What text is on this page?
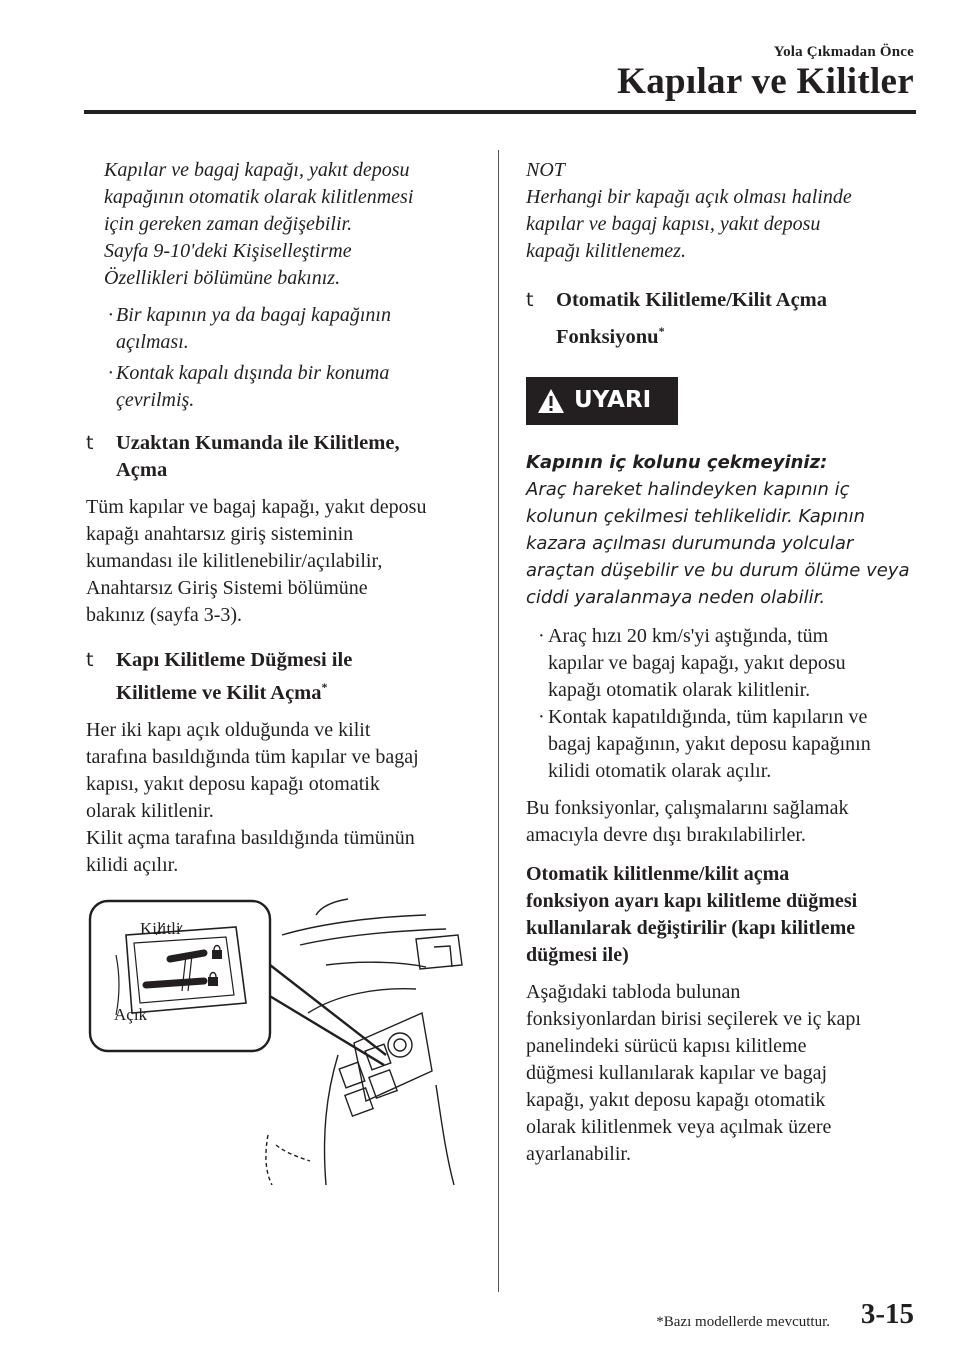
Yola Çıkmadan Önce
Kapılar ve Kilitler

Kapılar ve bagaj kapağı, yakıt deposu

kapağının otomatik olarak kilitlenmesi

için gereken zaman değişebilir.

Sayfa 9-10'deki Kişiselleştirme

Özellikleri bölümüne bakınız.

· Bir kapının ya da bagaj kapağının

açılması.

· Kontak kapalı dışında bir konuma

çevrilmiş.

t Uzaktan Kumanda ile Kilitleme,

Açma

Tüm kapılar ve bagaj kapağı, yakıt deposu

kapağı anahtarsız giriş sisteminin

kumandası ile kilitlenebilir/açılabilir,

Anahtarsız Giriş Sistemi bölümüne

bakınız (sayfa 3-3).

t Kapı Kilitleme Düğmesi ile

Kilitleme ve Kilit Açma*

Her iki kapı açık olduğunda ve kilit

tarafına basıldığında tüm kapılar ve bagaj

kapısı, yakıt deposu kapağı otomatik

olarak kilitlenir.

Kilit açma tarafına basıldığında tümünün

kilidi açılır.

Kilitli
Açık

NOT

Herhangi bir kapağı açık olması halinde

kapılar ve bagaj kapısı, yakıt deposu

kapağı kilitlenemez.

t Otomatik Kilitleme/Kilit Açma

Fonksiyonu*

UYARI

Kapının iç kolunu çekmeyiniz:

Araç hareket halindeyken kapının iç

kolunun çekilmesi tehlikelidir. Kapının

kazara açılması durumunda yolcular

araçtan düşebilir ve bu durum ölüme veya

ciddi yaralanmaya neden olabilir.

· Araç hızı 20 km/s'yi aştığında, tüm

kapılar ve bagaj kapağı, yakıt deposu

kapağı otomatik olarak kilitlenir.

· Kontak kapatıldığında, tüm kapıların ve

bagaj kapağının, yakıt deposu kapağının

kilidi otomatik olarak açılır.

Bu fonksiyonlar, çalışmalarını sağlamak

amacıyla devre dışı bırakılabilirler.

Otomatik kilitlenme/kilit açma

fonksiyon ayarı kapı kilitleme düğmesi

kullanılarak değiştirilir (kapı kilitleme

düğmesi ile)

Aşağıdaki tabloda bulunan

fonksiyonlardan birisi seçilerek ve iç kapı

panelindeki sürücü kapısı kilitleme

düğmesi kullanılarak kapılar ve bagaj

kapağı, yakıt deposu kapağı otomatik

olarak kilitlenmek veya açılmak üzere

ayarlanabilir.

*Bazı modellerde mevcuttur. 3-15
